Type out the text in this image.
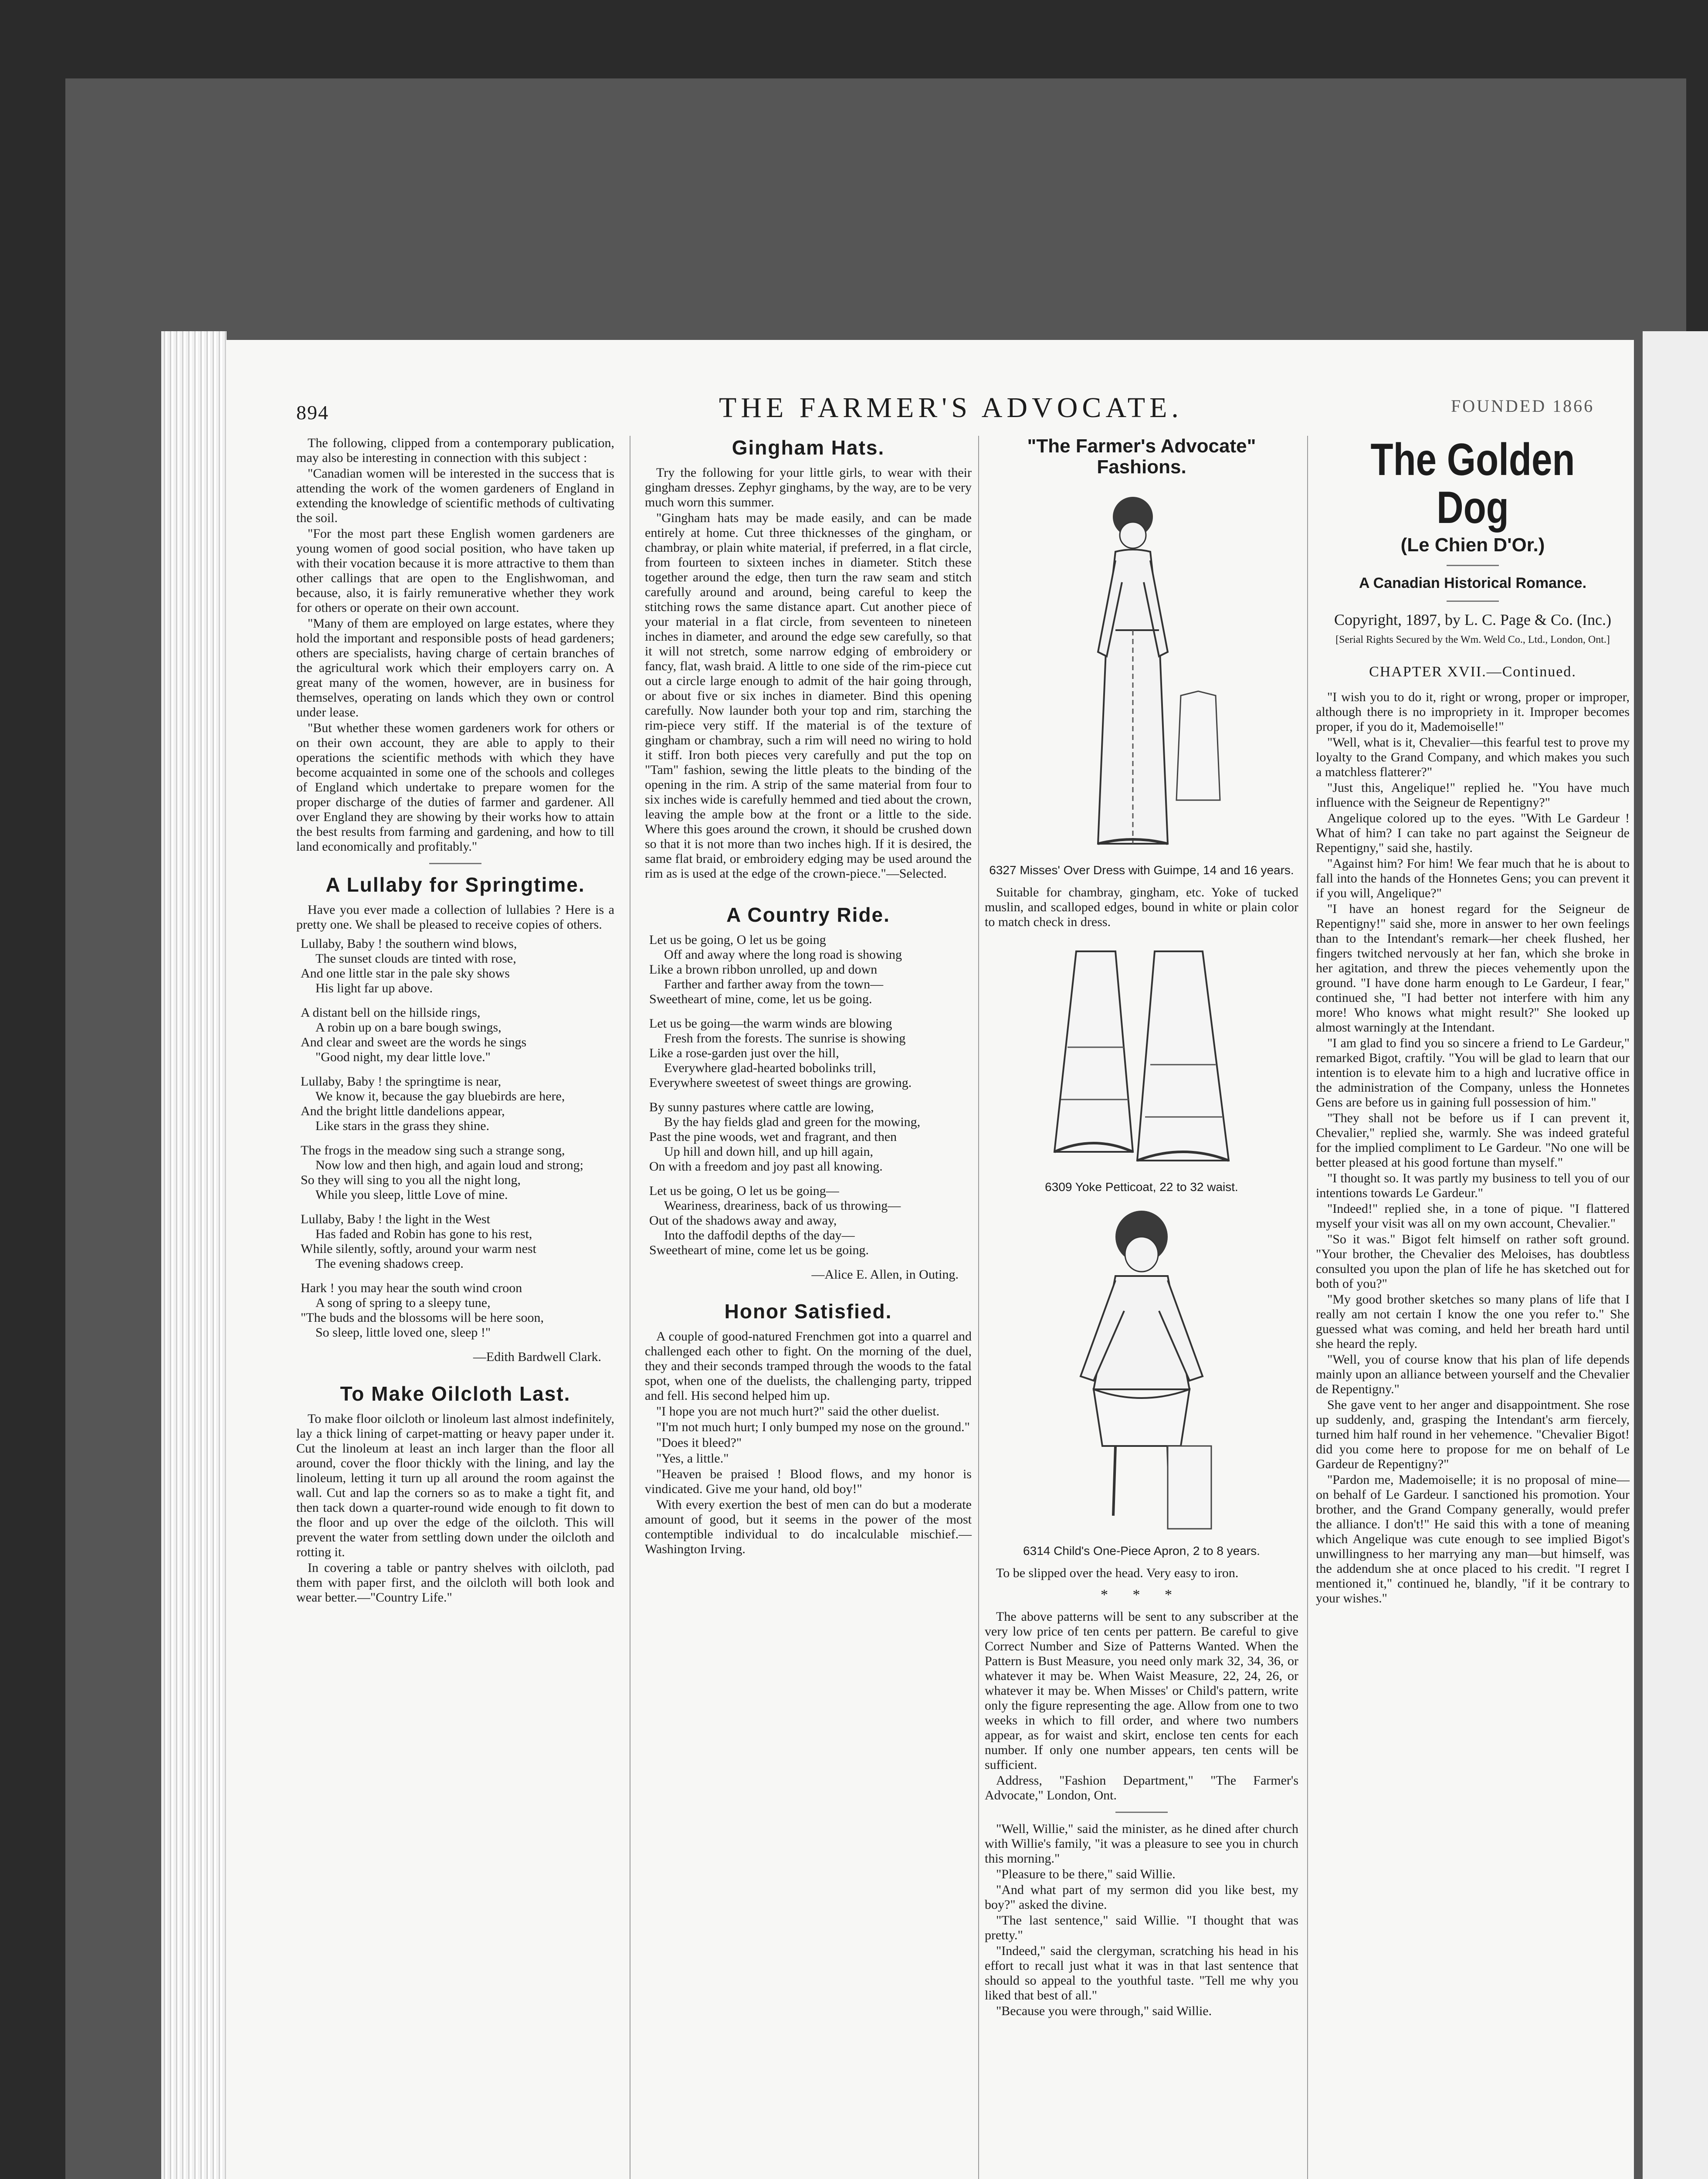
894	THE FARMER'S ADVOCATE.	FOUNDED 1866

The following, clipped from a contemporary publication, may also be interesting in connection with this subject :

"Canadian women will be interested in the success that is attending the work of the women gardeners of England in extending the knowledge of scientific methods of cultivating the soil.

"For the most part these English women gardeners are young women of good social position, who have taken up with their vocation because it is more attractive to them than other callings that are open to the Englishwoman, and because, also, it is fairly remunerative whether they work for others or operate on their own account.

"Many of them are employed on large estates, where they hold the important and responsible posts of head gardeners; others are specialists, having charge of certain branches of the agricultural work which their employers carry on. A great many of the women, however, are in business for themselves, operating on lands which they own or control under lease.

"But whether these women gardeners work for others or on their own account, they are able to apply to their operations the scientific methods with which they have become acquainted in some one of the schools and colleges of England which undertake to prepare women for the proper discharge of the duties of farmer and gardener. All over England they are showing by their works how to attain the best results from farming and gardening, and how to till land economically and profitably."

A Lullaby for Springtime.

Have you ever made a collection of lullabies ? Here is a pretty one. We shall be pleased to receive copies of others.

Lullaby, Baby ! the southern wind blows,
The sunset clouds are tinted with rose,
And one little star in the pale sky shows
His light far up above.
A distant bell on the hillside rings,
A robin up on a bare bough swings,
And clear and sweet are the words he sings
"Good night, my dear little love."
Lullaby, Baby ! the springtime is near,
We know it, because the gay bluebirds are here,
And the bright little dandelions appear,
Like stars in the grass they shine.
The frogs in the meadow sing such a strange song,
Now low and then high, and again loud and strong;
So they will sing to you all the night long,
While you sleep, little Love of mine.
Lullaby, Baby ! the light in the West
Has faded and Robin has gone to his rest,
While silently, softly, around your warm nest
The evening shadows creep.
Hark ! you may hear the south wind croon
A song of spring to a sleepy tune,
"The buds and the blossoms will be here soon,
So sleep, little loved one, sleep !"
—Edith Bardwell Clark.
To Make Oilcloth Last.

To make floor oilcloth or linoleum last almost indefinitely, lay a thick lining of carpet-matting or heavy paper under it. Cut the linoleum at least an inch larger than the floor all around, cover the floor thickly with the lining, and lay the linoleum, letting it turn up all around the room against the wall. Cut and lap the corners so as to make a tight fit, and then tack down a quarter-round wide enough to fit down to the floor and up over the edge of the oilcloth. This will prevent the water from settling down under the oilcloth and rotting it.

In covering a table or pantry shelves with oilcloth, pad them with paper first, and the oilcloth will both look and wear better.—"Country Life."

Gingham Hats.

Try the following for your little girls, to wear with their gingham dresses. Zephyr ginghams, by the way, are to be very much worn this summer.

"Gingham hats may be made easily, and can be made entirely at home. Cut three thicknesses of the gingham, or chambray, or plain white material, if preferred, in a flat circle, from fourteen to sixteen inches in diameter. Stitch these together around the edge, then turn the raw seam and stitch carefully around and around, being careful to keep the stitching rows the same distance apart. Cut another piece of your material in a flat circle, from seventeen to nineteen inches in diameter, and around the edge sew carefully, so that it will not stretch, some narrow edging of embroidery or fancy, flat, wash braid. A little to one side of the rim-piece cut out a circle large enough to admit of the hair going through, or about five or six inches in diameter. Bind this opening carefully. Now launder both your top and rim, starching the rim-piece very stiff. If the material is of the texture of gingham or chambray, such a rim will need no wiring to hold it stiff. Iron both pieces very carefully and put the top on "Tam" fashion, sewing the little pleats to the binding of the opening in the rim. A strip of the same material from four to six inches wide is carefully hemmed and tied about the crown, leaving the ample bow at the front or a little to the side. Where this goes around the crown, it should be crushed down so that it is not more than two inches high. If it is desired, the same flat braid, or embroidery edging may be used around the rim as is used at the edge of the crown-piece."—Selected.

A Country Ride.
Let us be going, O let us be going
Off and away where the long road is showing
Like a brown ribbon unrolled, up and down
Farther and farther away from the town—
Sweetheart of mine, come, let us be going.
Let us be going—the warm winds are blowing
Fresh from the forests. The sunrise is showing
Like a rose-garden just over the hill,
Everywhere glad-hearted bobolinks trill,
Everywhere sweetest of sweet things are growing.
By sunny pastures where cattle are lowing,
By the hay fields glad and green for the mowing,
Past the pine woods, wet and fragrant, and then
Up hill and down hill, and up hill again,
On with a freedom and joy past all knowing.
Let us be going, O let us be going—
Weariness, dreariness, back of us throwing—
Out of the shadows away and away,
Into the daffodil depths of the day—
Sweetheart of mine, come let us be going.
—Alice E. Allen, in Outing.
Honor Satisfied.

A couple of good-natured Frenchmen got into a quarrel and challenged each other to fight. On the morning of the duel, they and their seconds tramped through the woods to the fatal spot, when one of the duelists, the challenging party, tripped and fell. His second helped him up.

"I hope you are not much hurt?" said the other duelist.

"I'm not much hurt; I only bumped my nose on the ground."

"Does it bleed?"

"Yes, a little."

"Heaven be praised ! Blood flows, and my honor is vindicated. Give me your hand, old boy!"

With every exertion the best of men can do but a moderate amount of good, but it seems in the power of the most contemptible individual to do incalculable mischief.—Washington Irving.

"The Farmer's Advocate" Fashions.
6327 Misses' Over Dress with Guimpe, 14 and 16 years.

Suitable for chambray, gingham, etc. Yoke of tucked muslin, and scalloped edges, bound in white or plain color to match check in dress.

6309 Yoke Petticoat, 22 to 32 waist.
6314 Child's One-Piece Apron, 2 to 8 years.

To be slipped over the head. Very easy to iron.

* * *

The above patterns will be sent to any subscriber at the very low price of ten cents per pattern. Be careful to give Correct Number and Size of Patterns Wanted. When the Pattern is Bust Measure, you need only mark 32, 34, 36, or whatever it may be. When Waist Measure, 22, 24, 26, or whatever it may be. When Misses' or Child's pattern, write only the figure representing the age. Allow from one to two weeks in which to fill order, and where two numbers appear, as for waist and skirt, enclose ten cents for each number. If only one number appears, ten cents will be sufficient.

Address, "Fashion Department," "The Farmer's Advocate," London, Ont.

"Well, Willie," said the minister, as he dined after church with Willie's family, "it was a pleasure to see you in church this morning."

"Pleasure to be there," said Willie.

"And what part of my sermon did you like best, my boy?" asked the divine.

"The last sentence," said Willie. "I thought that was pretty."

"Indeed," said the clergyman, scratching his head in his effort to recall just what it was in that last sentence that should so appeal to the youthful taste. "Tell me why you liked that best of all."

"Because you were through," said Willie.

The Golden Dog
(Le Chien D'Or.)
A Canadian Historical Romance.
Copyright, 1897, by L. C. Page & Co. (Inc.)
[Serial Rights Secured by the Wm. Weld Co., Ltd., London, Ont.]
CHAPTER XVII.—Continued.

"I wish you to do it, right or wrong, proper or improper, although there is no impropriety in it. Improper becomes proper, if you do it, Mademoiselle!"

"Well, what is it, Chevalier—this fearful test to prove my loyalty to the Grand Company, and which makes you such a matchless flatterer?"

"Just this, Angelique!" replied he. "You have much influence with the Seigneur de Repentigny?"

Angelique colored up to the eyes. "With Le Gardeur ! What of him? I can take no part against the Seigneur de Repentigny," said she, hastily.

"Against him? For him! We fear much that he is about to fall into the hands of the Honnetes Gens; you can prevent it if you will, Angelique?"

"I have an honest regard for the Seigneur de Repentigny!" said she, more in answer to her own feelings than to the Intendant's remark—her cheek flushed, her fingers twitched nervously at her fan, which she broke in her agitation, and threw the pieces vehemently upon the ground. "I have done harm enough to Le Gardeur, I fear," continued she, "I had better not interfere with him any more! Who knows what might result?" She looked up almost warningly at the Intendant.

"I am glad to find you so sincere a friend to Le Gardeur," remarked Bigot, craftily. "You will be glad to learn that our intention is to elevate him to a high and lucrative office in the administration of the Company, unless the Honnetes Gens are before us in gaining full possession of him."

"They shall not be before us if I can prevent it, Chevalier," replied she, warmly. She was indeed grateful for the implied compliment to Le Gardeur. "No one will be better pleased at his good fortune than myself."

"I thought so. It was partly my business to tell you of our intentions towards Le Gardeur."

"Indeed!" replied she, in a tone of pique. "I flattered myself your visit was all on my own account, Chevalier."

"So it was." Bigot felt himself on rather soft ground. "Your brother, the Chevalier des Meloises, has doubtless consulted you upon the plan of life he has sketched out for both of you?"

"My good brother sketches so many plans of life that I really am not certain I know the one you refer to." She guessed what was coming, and held her breath hard until she heard the reply.

"Well, you of course know that his plan of life depends mainly upon an alliance between yourself and the Chevalier de Repentigny."

She gave vent to her anger and disappointment. She rose up suddenly, and, grasping the Intendant's arm fiercely, turned him half round in her vehemence. "Chevalier Bigot! did you come here to propose for me on behalf of Le Gardeur de Repentigny?"

"Pardon me, Mademoiselle; it is no proposal of mine—on behalf of Le Gardeur. I sanctioned his promotion. Your brother, and the Grand Company generally, would prefer the alliance. I don't!" He said this with a tone of meaning which Angelique was cute enough to see implied Bigot's unwillingness to her marrying any man—but himself, was the addendum she at once placed to his credit. "I regret I mentioned it," continued he, blandly, "if it be contrary to your wishes."
